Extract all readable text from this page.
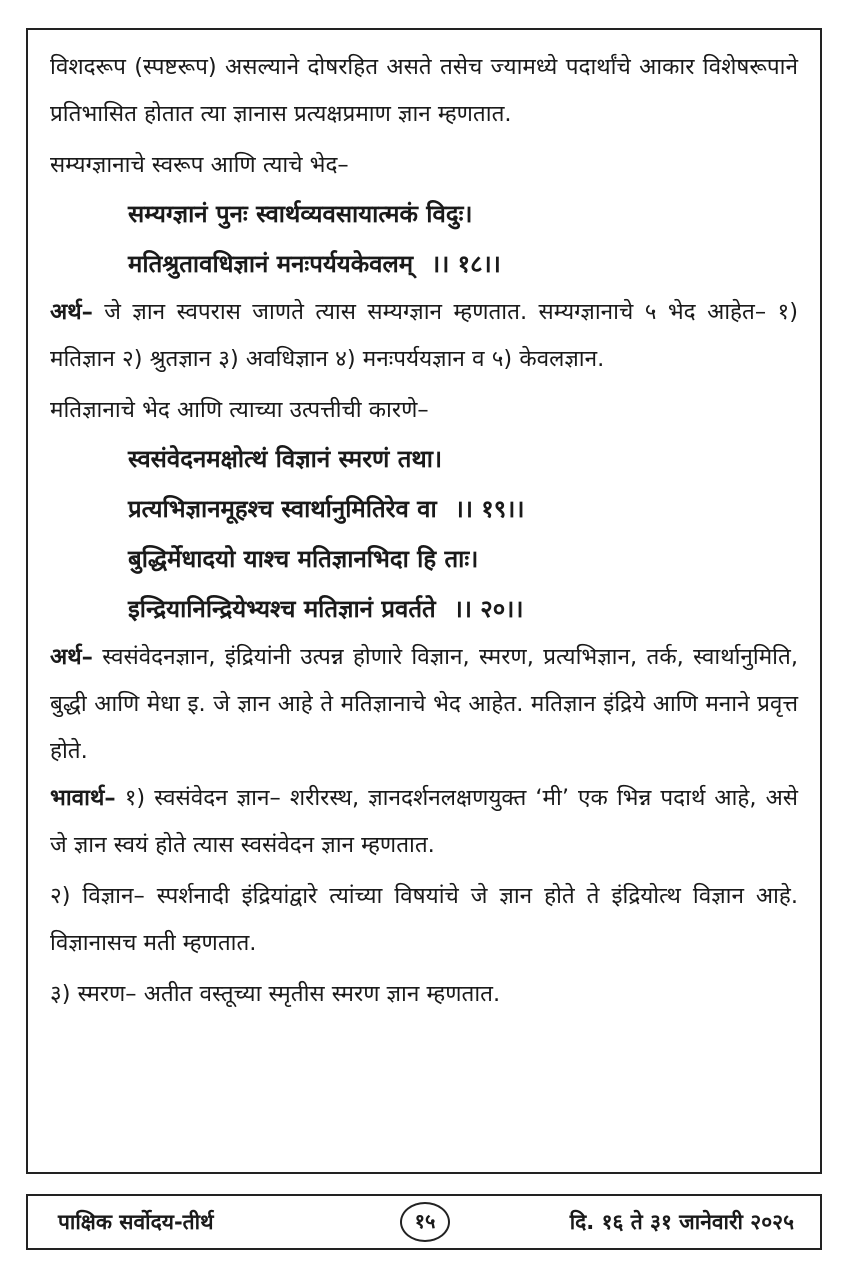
विशदरूप (स्पष्टरूप) असल्याने दोषरहित असते तसेच ज्यामध्ये पदार्थांचे आकार विशेषरूपाने प्रतिभासित होतात त्या ज्ञानास प्रत्यक्षप्रमाण ज्ञान म्हणतात.

सम्यग्ज्ञानाचे स्वरूप आणि त्याचे भेद–

सम्यग्ज्ञानं पुनः स्वार्थव्यवसायात्मकं विदुः।

मतिश्रुतावधिज्ञानं मनःपर्ययकेवलम् ।। १८।।

अर्थ– जे ज्ञान स्वपरास जाणते त्यास सम्यग्ज्ञान म्हणतात. सम्यग्ज्ञानाचे ५ भेद आहेत– १) मतिज्ञान २) श्रुतज्ञान ३) अवधिज्ञान ४) मनःपर्ययज्ञान व ५) केवलज्ञान.

मतिज्ञानाचे भेद आणि त्याच्या उत्पत्तीची कारणे–

स्वसंवेदनमक्षोत्थं विज्ञानं स्मरणं तथा।

प्रत्यभिज्ञानमूहश्च स्वार्थानुमितिरेव वा ।। १९।।

बुद्धिर्मेधादयो याश्च मतिज्ञानभिदा हि ताः।

इन्द्रियानिन्द्रियेभ्यश्च मतिज्ञानं प्रवर्तते ।। २०।।

अर्थ– स्वसंवेदनज्ञान, इंद्रियांनी उत्पन्न होणारे विज्ञान, स्मरण, प्रत्यभिज्ञान, तर्क, स्वार्थानुमिति, बुद्धी आणि मेधा इ. जे ज्ञान आहे ते मतिज्ञानाचे भेद आहेत. मतिज्ञान इंद्रिये आणि मनाने प्रवृत्त होते.

भावार्थ– १) स्वसंवेदन ज्ञान– शरीरस्थ, ज्ञानदर्शनलक्षणयुक्त ‘मी’ एक भिन्न पदार्थ आहे, असे जे ज्ञान स्वयं होते त्यास स्वसंवेदन ज्ञान म्हणतात.

२) विज्ञान– स्पर्शनादी इंद्रियांद्वारे त्यांच्या विषयांचे जे ज्ञान होते ते इंद्रियोत्थ विज्ञान आहे. विज्ञानासच मती म्हणतात.

३) स्मरण– अतीत वस्तूच्या स्मृतीस स्मरण ज्ञान म्हणतात.

पाक्षिक सर्वोदय-तीर्थ	१५	दि. १६ ते ३१ जानेवारी २०२५
